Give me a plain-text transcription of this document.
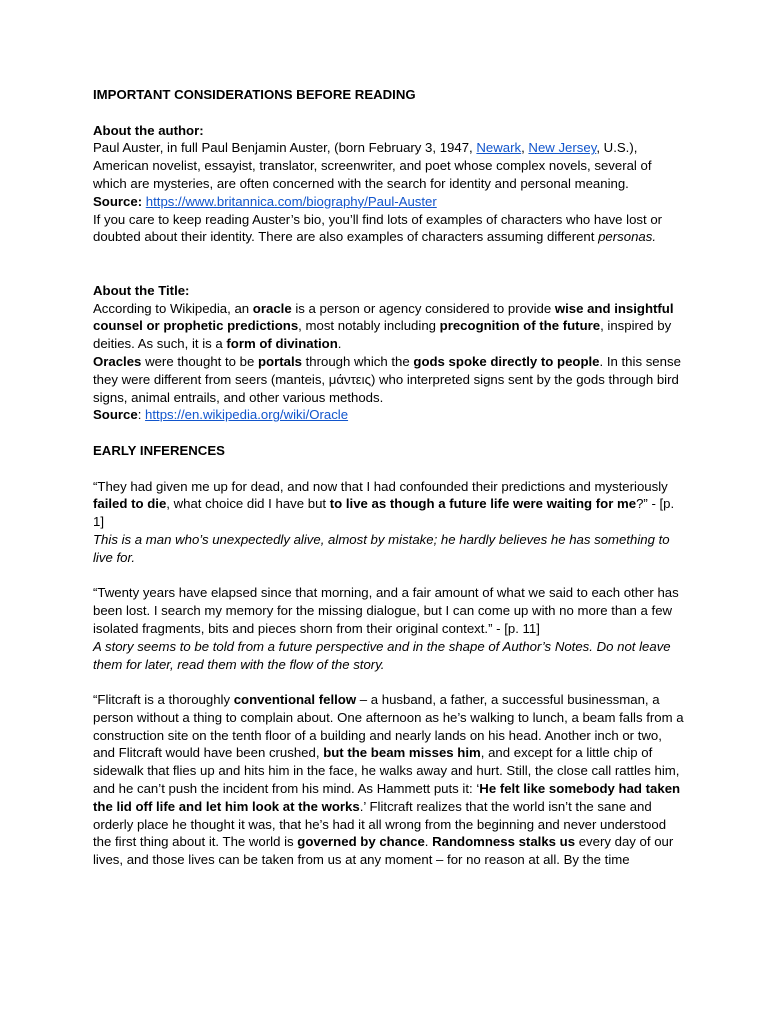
IMPORTANT CONSIDERATIONS BEFORE READING

About the author:

Paul Auster, in full Paul Benjamin Auster, (born February 3, 1947, Newark, New Jersey, U.S.), American novelist, essayist, translator, screenwriter, and poet whose complex novels, several of which are mysteries, are often concerned with the search for identity and personal meaning.

Source: https://www.britannica.com/biography/Paul-Auster

If you care to keep reading Auster’s bio, you’ll find lots of examples of characters who have lost or doubted about their identity. There are also examples of characters assuming different personas.

About the Title:

According to Wikipedia, an oracle is a person or agency considered to provide wise and insightful counsel or prophetic predictions, most notably including precognition of the future, inspired by deities. As such, it is a form of divination.

Oracles were thought to be portals through which the gods spoke directly to people. In this sense they were different from seers (manteis, μάντεις) who interpreted signs sent by the gods through bird signs, animal entrails, and other various methods.

Source: https://en.wikipedia.org/wiki/Oracle

EARLY INFERENCES

“They had given me up for dead, and now that I had confounded their predictions and mysteriously failed to die, what choice did I have but to live as though a future life were waiting for me?” - [p. 1]

This is a man who’s unexpectedly alive, almost by mistake; he hardly believes he has something to live for.

“Twenty years have elapsed since that morning, and a fair amount of what we said to each other has been lost. I search my memory for the missing dialogue, but I can come up with no more than a few isolated fragments, bits and pieces shorn from their original context.” - [p. 11]

A story seems to be told from a future perspective and in the shape of Author’s Notes. Do not leave them for later, read them with the flow of the story.

“Flitcraft is a thoroughly conventional fellow – a husband, a father, a successful businessman, a person without a thing to complain about. One afternoon as he’s walking to lunch, a beam falls from a construction site on the tenth floor of a building and nearly lands on his head. Another inch or two, and Flitcraft would have been crushed, but the beam misses him, and except for a little chip of sidewalk that flies up and hits him in the face, he walks away and hurt. Still, the close call rattles him, and he can’t push the incident from his mind. As Hammett puts it: ‘He felt like somebody had taken the lid off life and let him look at the works.’ Flitcraft realizes that the world isn’t the sane and orderly place he thought it was, that he’s had it all wrong from the beginning and never understood the first thing about it. The world is governed by chance. Randomness stalks us every day of our lives, and those lives can be taken from us at any moment – for no reason at all. By the time
